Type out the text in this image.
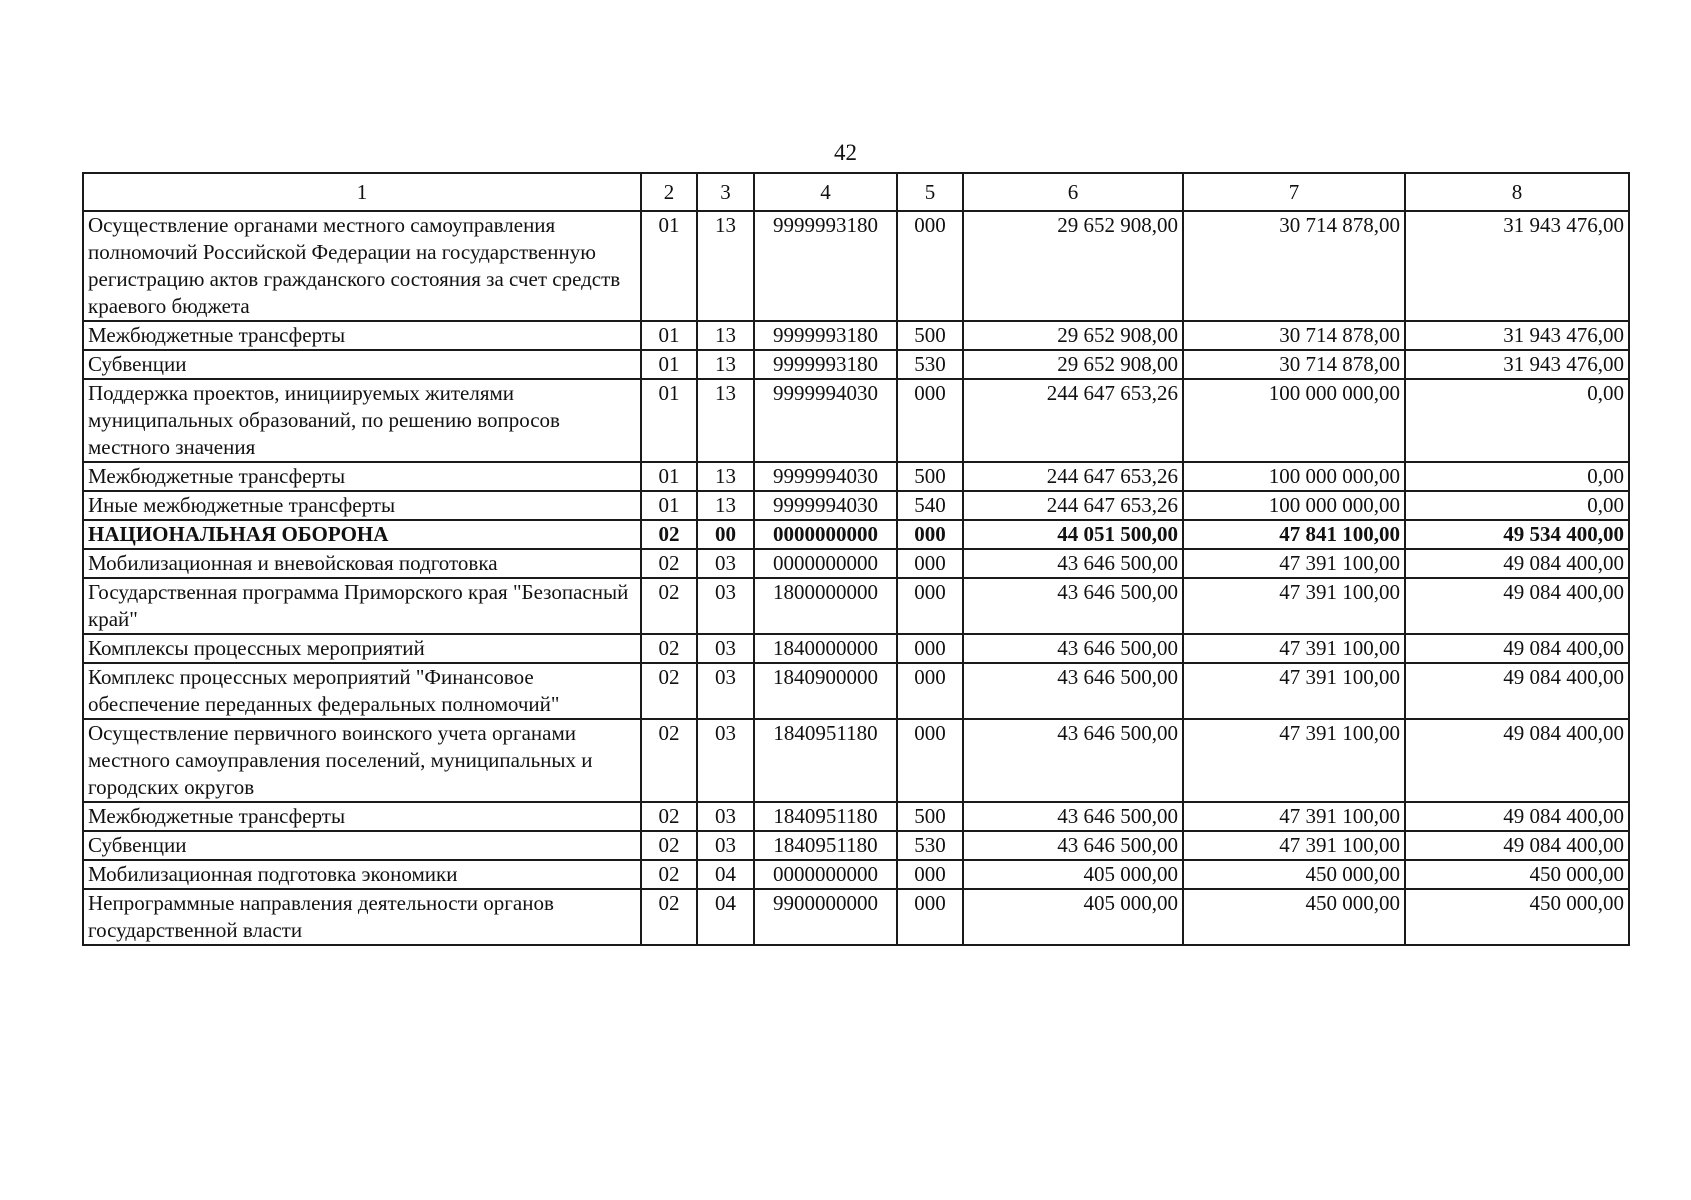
42
1	2	3	4	5	6	7	8
Осуществление органами местного самоуправления полномочий Российской Федерации на государственную регистрацию актов гражданского состояния за счет средств краевого бюджета	01	13	9999993180	000	29 652 908,00	30 714 878,00	31 943 476,00
Межбюджетные трансферты	01	13	9999993180	500	29 652 908,00	30 714 878,00	31 943 476,00
Субвенции	01	13	9999993180	530	29 652 908,00	30 714 878,00	31 943 476,00
Поддержка проектов, инициируемых жителями муниципальных образований, по решению вопросов местного значения	01	13	9999994030	000	244 647 653,26	100 000 000,00	0,00
Межбюджетные трансферты	01	13	9999994030	500	244 647 653,26	100 000 000,00	0,00
Иные межбюджетные трансферты	01	13	9999994030	540	244 647 653,26	100 000 000,00	0,00
НАЦИОНАЛЬНАЯ ОБОРОНА	02	00	0000000000	000	44 051 500,00	47 841 100,00	49 534 400,00
Мобилизационная и вневойсковая подготовка	02	03	0000000000	000	43 646 500,00	47 391 100,00	49 084 400,00
Государственная программа Приморского края "Безопасный край"	02	03	1800000000	000	43 646 500,00	47 391 100,00	49 084 400,00
Комплексы процессных мероприятий	02	03	1840000000	000	43 646 500,00	47 391 100,00	49 084 400,00
Комплекс процессных мероприятий "Финансовое обеспечение переданных федеральных полномочий"	02	03	1840900000	000	43 646 500,00	47 391 100,00	49 084 400,00
Осуществление первичного воинского учета органами местного самоуправления поселений, муниципальных и городских округов	02	03	1840951180	000	43 646 500,00	47 391 100,00	49 084 400,00
Межбюджетные трансферты	02	03	1840951180	500	43 646 500,00	47 391 100,00	49 084 400,00
Субвенции	02	03	1840951180	530	43 646 500,00	47 391 100,00	49 084 400,00
Мобилизационная подготовка экономики	02	04	0000000000	000	405 000,00	450 000,00	450 000,00
Непрограммные направления деятельности органов государственной власти	02	04	9900000000	000	405 000,00	450 000,00	450 000,00
